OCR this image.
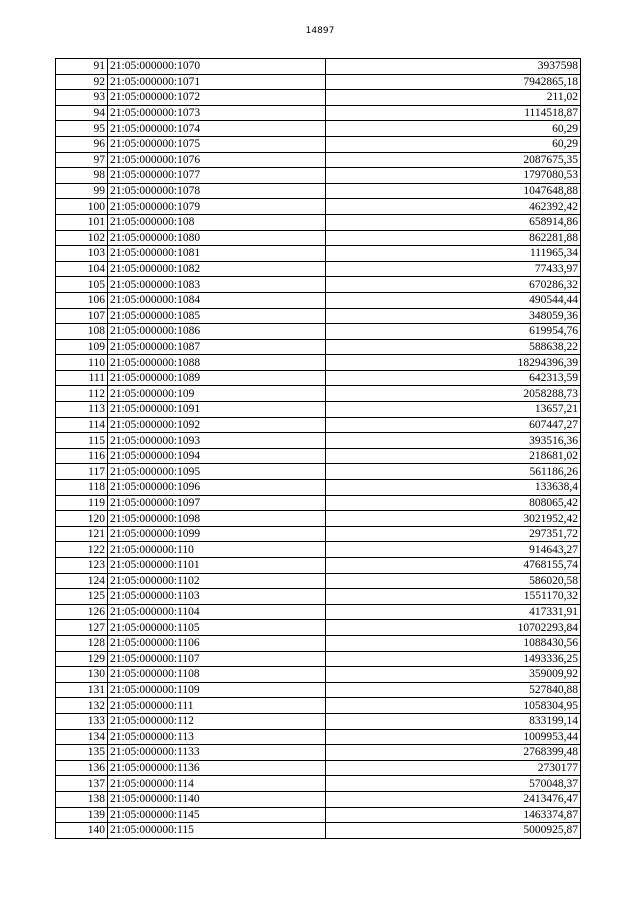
14897
91	21:05:000000:1070	3937598
92	21:05:000000:1071	7942865,18
93	21:05:000000:1072	211,02
94	21:05:000000:1073	1114518,87
95	21:05:000000:1074	60,29
96	21:05:000000:1075	60,29
97	21:05:000000:1076	2087675,35
98	21:05:000000:1077	1797080,53
99	21:05:000000:1078	1047648,88
100	21:05:000000:1079	462392,42
101	21:05:000000:108	658914,86
102	21:05:000000:1080	862281,88
103	21:05:000000:1081	111965,34
104	21:05:000000:1082	77433,97
105	21:05:000000:1083	670286,32
106	21:05:000000:1084	490544,44
107	21:05:000000:1085	348059,36
108	21:05:000000:1086	619954,76
109	21:05:000000:1087	588638,22
110	21:05:000000:1088	18294396,39
111	21:05:000000:1089	642313,59
112	21:05:000000:109	2058288,73
113	21:05:000000:1091	13657,21
114	21:05:000000:1092	607447,27
115	21:05:000000:1093	393516,36
116	21:05:000000:1094	218681,02
117	21:05:000000:1095	561186,26
118	21:05:000000:1096	133638,4
119	21:05:000000:1097	808065,42
120	21:05:000000:1098	3021952,42
121	21:05:000000:1099	297351,72
122	21:05:000000:110	914643,27
123	21:05:000000:1101	4768155,74
124	21:05:000000:1102	586020,58
125	21:05:000000:1103	1551170,32
126	21:05:000000:1104	417331,91
127	21:05:000000:1105	10702293,84
128	21:05:000000:1106	1088430,56
129	21:05:000000:1107	1493336,25
130	21:05:000000:1108	359009,92
131	21:05:000000:1109	527840,88
132	21:05:000000:111	1058304,95
133	21:05:000000:112	833199,14
134	21:05:000000:113	1009953,44
135	21:05:000000:1133	2768399,48
136	21:05:000000:1136	2730177
137	21:05:000000:114	570048,37
138	21:05:000000:1140	2413476,47
139	21:05:000000:1145	1463374,87
140	21:05:000000:115	5000925,87
